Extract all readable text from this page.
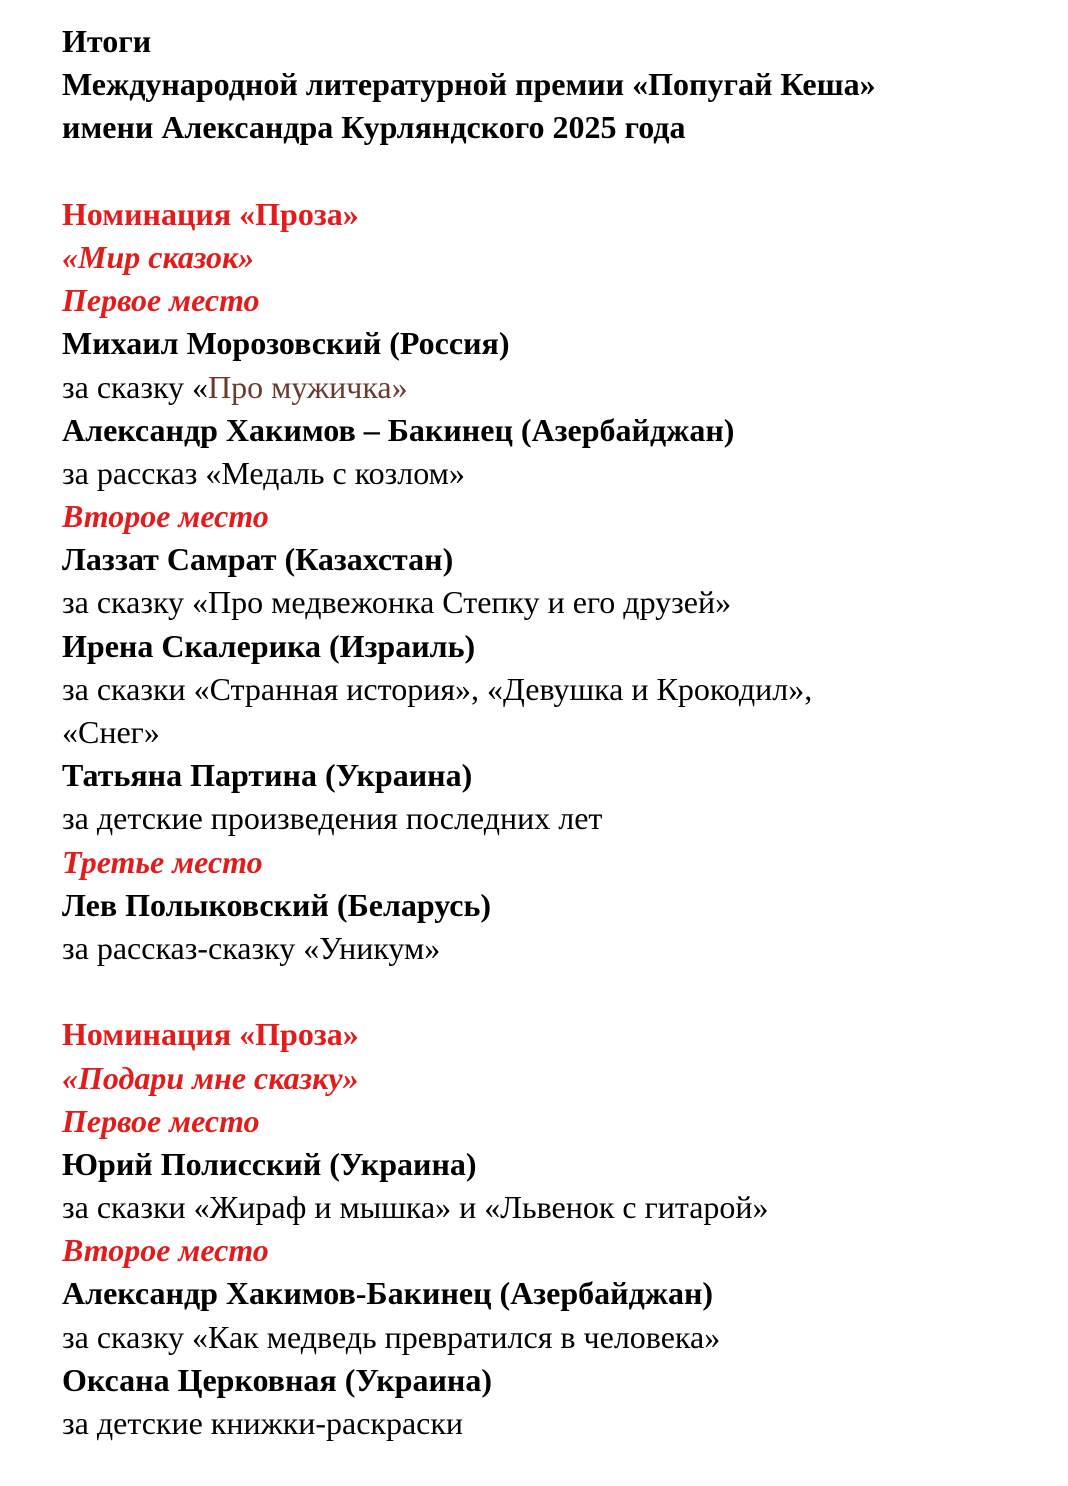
Итоги
Международной литературной премии «Попугай Кеша»
имени Александра Курляндского 2025 года
Номинация «Проза»
«Мир сказок»
Первое место
Михаил Морозовский (Россия)
за сказку «Про мужичка»
Александр Хакимов – Бакинец (Азербайджан)
за рассказ «Медаль с козлом»
Второе место
Лаззат Самрат (Казахстан)
за сказку «Про медвежонка Степку и его друзей»
Ирена Скалерика (Израиль)
за сказки «Странная история», «Девушка и Крокодил»,
«Снег»
Татьяна Партина (Украина)
за детские произведения последних лет
Третье место
Лев Полыковский (Беларусь)
за рассказ-сказку «Уникум»
Номинация «Проза»
«Подари мне сказку»
Первое место
Юрий Полисский (Украина)
за сказки «Жираф и мышка» и «Львенок с гитарой»
Второе место
Александр Хакимов-Бакинец (Азербайджан)
за сказку «Как медведь превратился в человека»
Оксана Церковная (Украина)
за детские книжки-раскраски
